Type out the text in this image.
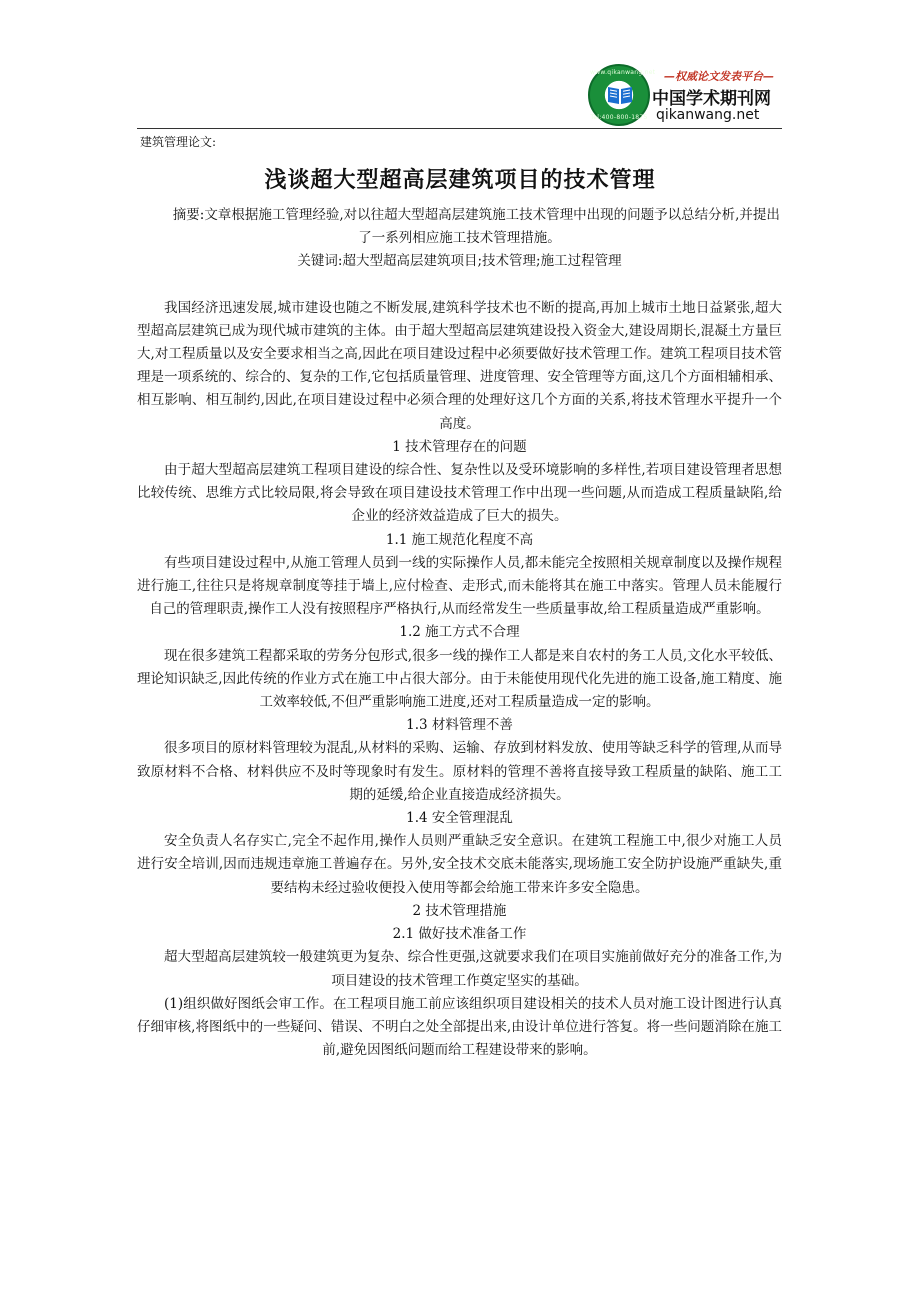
www.qikanwang.net
Tel:400-800-1875
—权威论文发表平台—
中国学术期刊网
qikanwang.net
建筑管理论文:
浅谈超大型超高层建筑项目的技术管理

摘要:文章根据施工管理经验,对以往超大型超高层建筑施工技术管理中出现的问题予以总结分析,并提出了一系列相应施工技术管理措施。

关键词:超大型超高层建筑项目;技术管理;施工过程管理

我国经济迅速发展,城市建设也随之不断发展,建筑科学技术也不断的提高,再加上城市土地日益紧张,超大型超高层建筑已成为现代城市建筑的主体。由于超大型超高层建筑建设投入资金大,建设周期长,混凝土方量巨大,对工程质量以及安全要求相当之高,因此在项目建设过程中必须要做好技术管理工作。建筑工程项目技术管理是一项系统的、综合的、复杂的工作,它包括质量管理、进度管理、安全管理等方面,这几个方面相辅相承、相互影响、相互制约,因此,在项目建设过程中必须合理的处理好这几个方面的关系,将技术管理水平提升一个高度。

1 技术管理存在的问题

由于超大型超高层建筑工程项目建设的综合性、复杂性以及受环境影响的多样性,若项目建设管理者思想比较传统、思维方式比较局限,将会导致在项目建设技术管理工作中出现一些问题,从而造成工程质量缺陷,给企业的经济效益造成了巨大的损失。

1.1 施工规范化程度不高

有些项目建设过程中,从施工管理人员到一线的实际操作人员,都未能完全按照相关规章制度以及操作规程进行施工,往往只是将规章制度等挂于墙上,应付检查、走形式,而未能将其在施工中落实。管理人员未能履行自己的管理职责,操作工人没有按照程序严格执行,从而经常发生一些质量事故,给工程质量造成严重影响。

1.2 施工方式不合理

现在很多建筑工程都采取的劳务分包形式,很多一线的操作工人都是来自农村的务工人员,文化水平较低、理论知识缺乏,因此传统的作业方式在施工中占很大部分。由于未能使用现代化先进的施工设备,施工精度、施工效率较低,不但严重影响施工进度,还对工程质量造成一定的影响。

1.3 材料管理不善

很多项目的原材料管理较为混乱,从材料的采购、运输、存放到材料发放、使用等缺乏科学的管理,从而导致原材料不合格、材料供应不及时等现象时有发生。原材料的管理不善将直接导致工程质量的缺陷、施工工期的延缓,给企业直接造成经济损失。

1.4 安全管理混乱

安全负责人名存实亡,完全不起作用,操作人员则严重缺乏安全意识。在建筑工程施工中,很少对施工人员进行安全培训,因而违规违章施工普遍存在。另外,安全技术交底未能落实,现场施工安全防护设施严重缺失,重要结构未经过验收便投入使用等都会给施工带来许多安全隐患。

2 技术管理措施

2.1 做好技术准备工作

超大型超高层建筑较一般建筑更为复杂、综合性更强,这就要求我们在项目实施前做好充分的准备工作,为项目建设的技术管理工作奠定坚实的基础。

(1)组织做好图纸会审工作。在工程项目施工前应该组织项目建设相关的技术人员对施工设计图进行认真仔细审核,将图纸中的一些疑问、错误、不明白之处全部提出来,由设计单位进行答复。将一些问题消除在施工前,避免因图纸问题而给工程建设带来的影响。
